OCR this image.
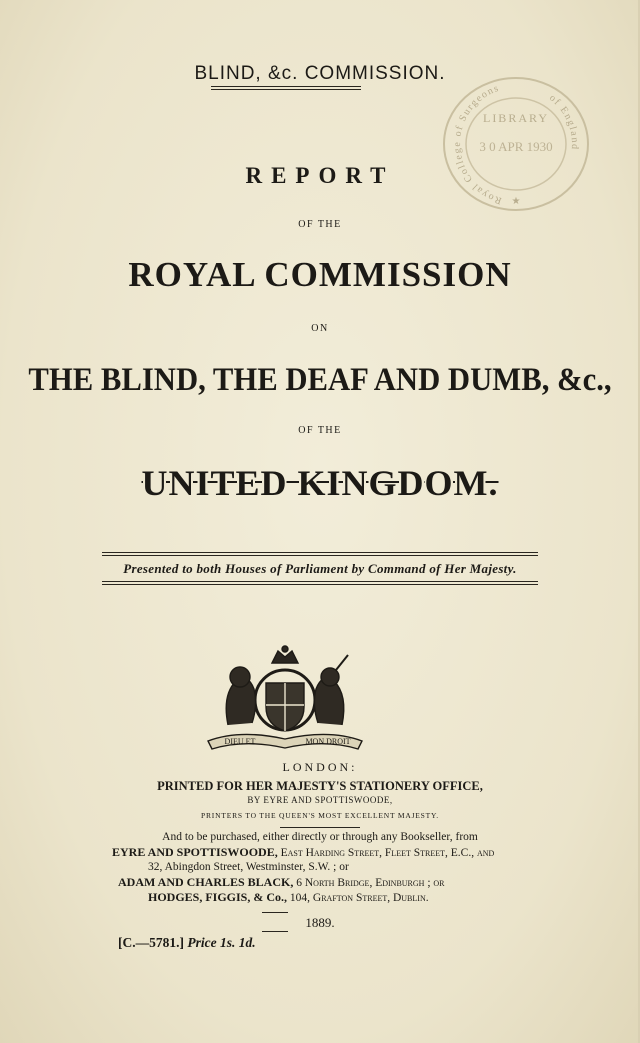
BLIND, &c. COMMISSION.
Royal College of Surgeons
of England
LIBRARY
3 0 APR 1930
★
REPORT
OF THE
ROYAL COMMISSION
ON
THE BLIND, THE DEAF AND DUMB, &c.,
OF THE
UNITED KINGDOM.
Presented to both Houses of Parliament by Command of Her Majesty.
DIEU ET	MON DROIT
LONDON:
PRINTED FOR HER MAJESTY'S STATIONERY OFFICE,
BY EYRE AND SPOTTISWOODE,
PRINTERS TO THE QUEEN'S MOST EXCELLENT MAJESTY.
And to be purchased, either directly or through any Bookseller, from
EYRE AND SPOTTISWOODE, East Harding Street, Fleet Street, E.C., and
32, Abingdon Street, Westminster, S.W. ; or
ADAM AND CHARLES BLACK, 6 North Bridge, Edinburgh ; or
HODGES, FIGGIS, & Co., 104, Grafton Street, Dublin.
1889.
[C.—5781.] Price 1s. 1d.
